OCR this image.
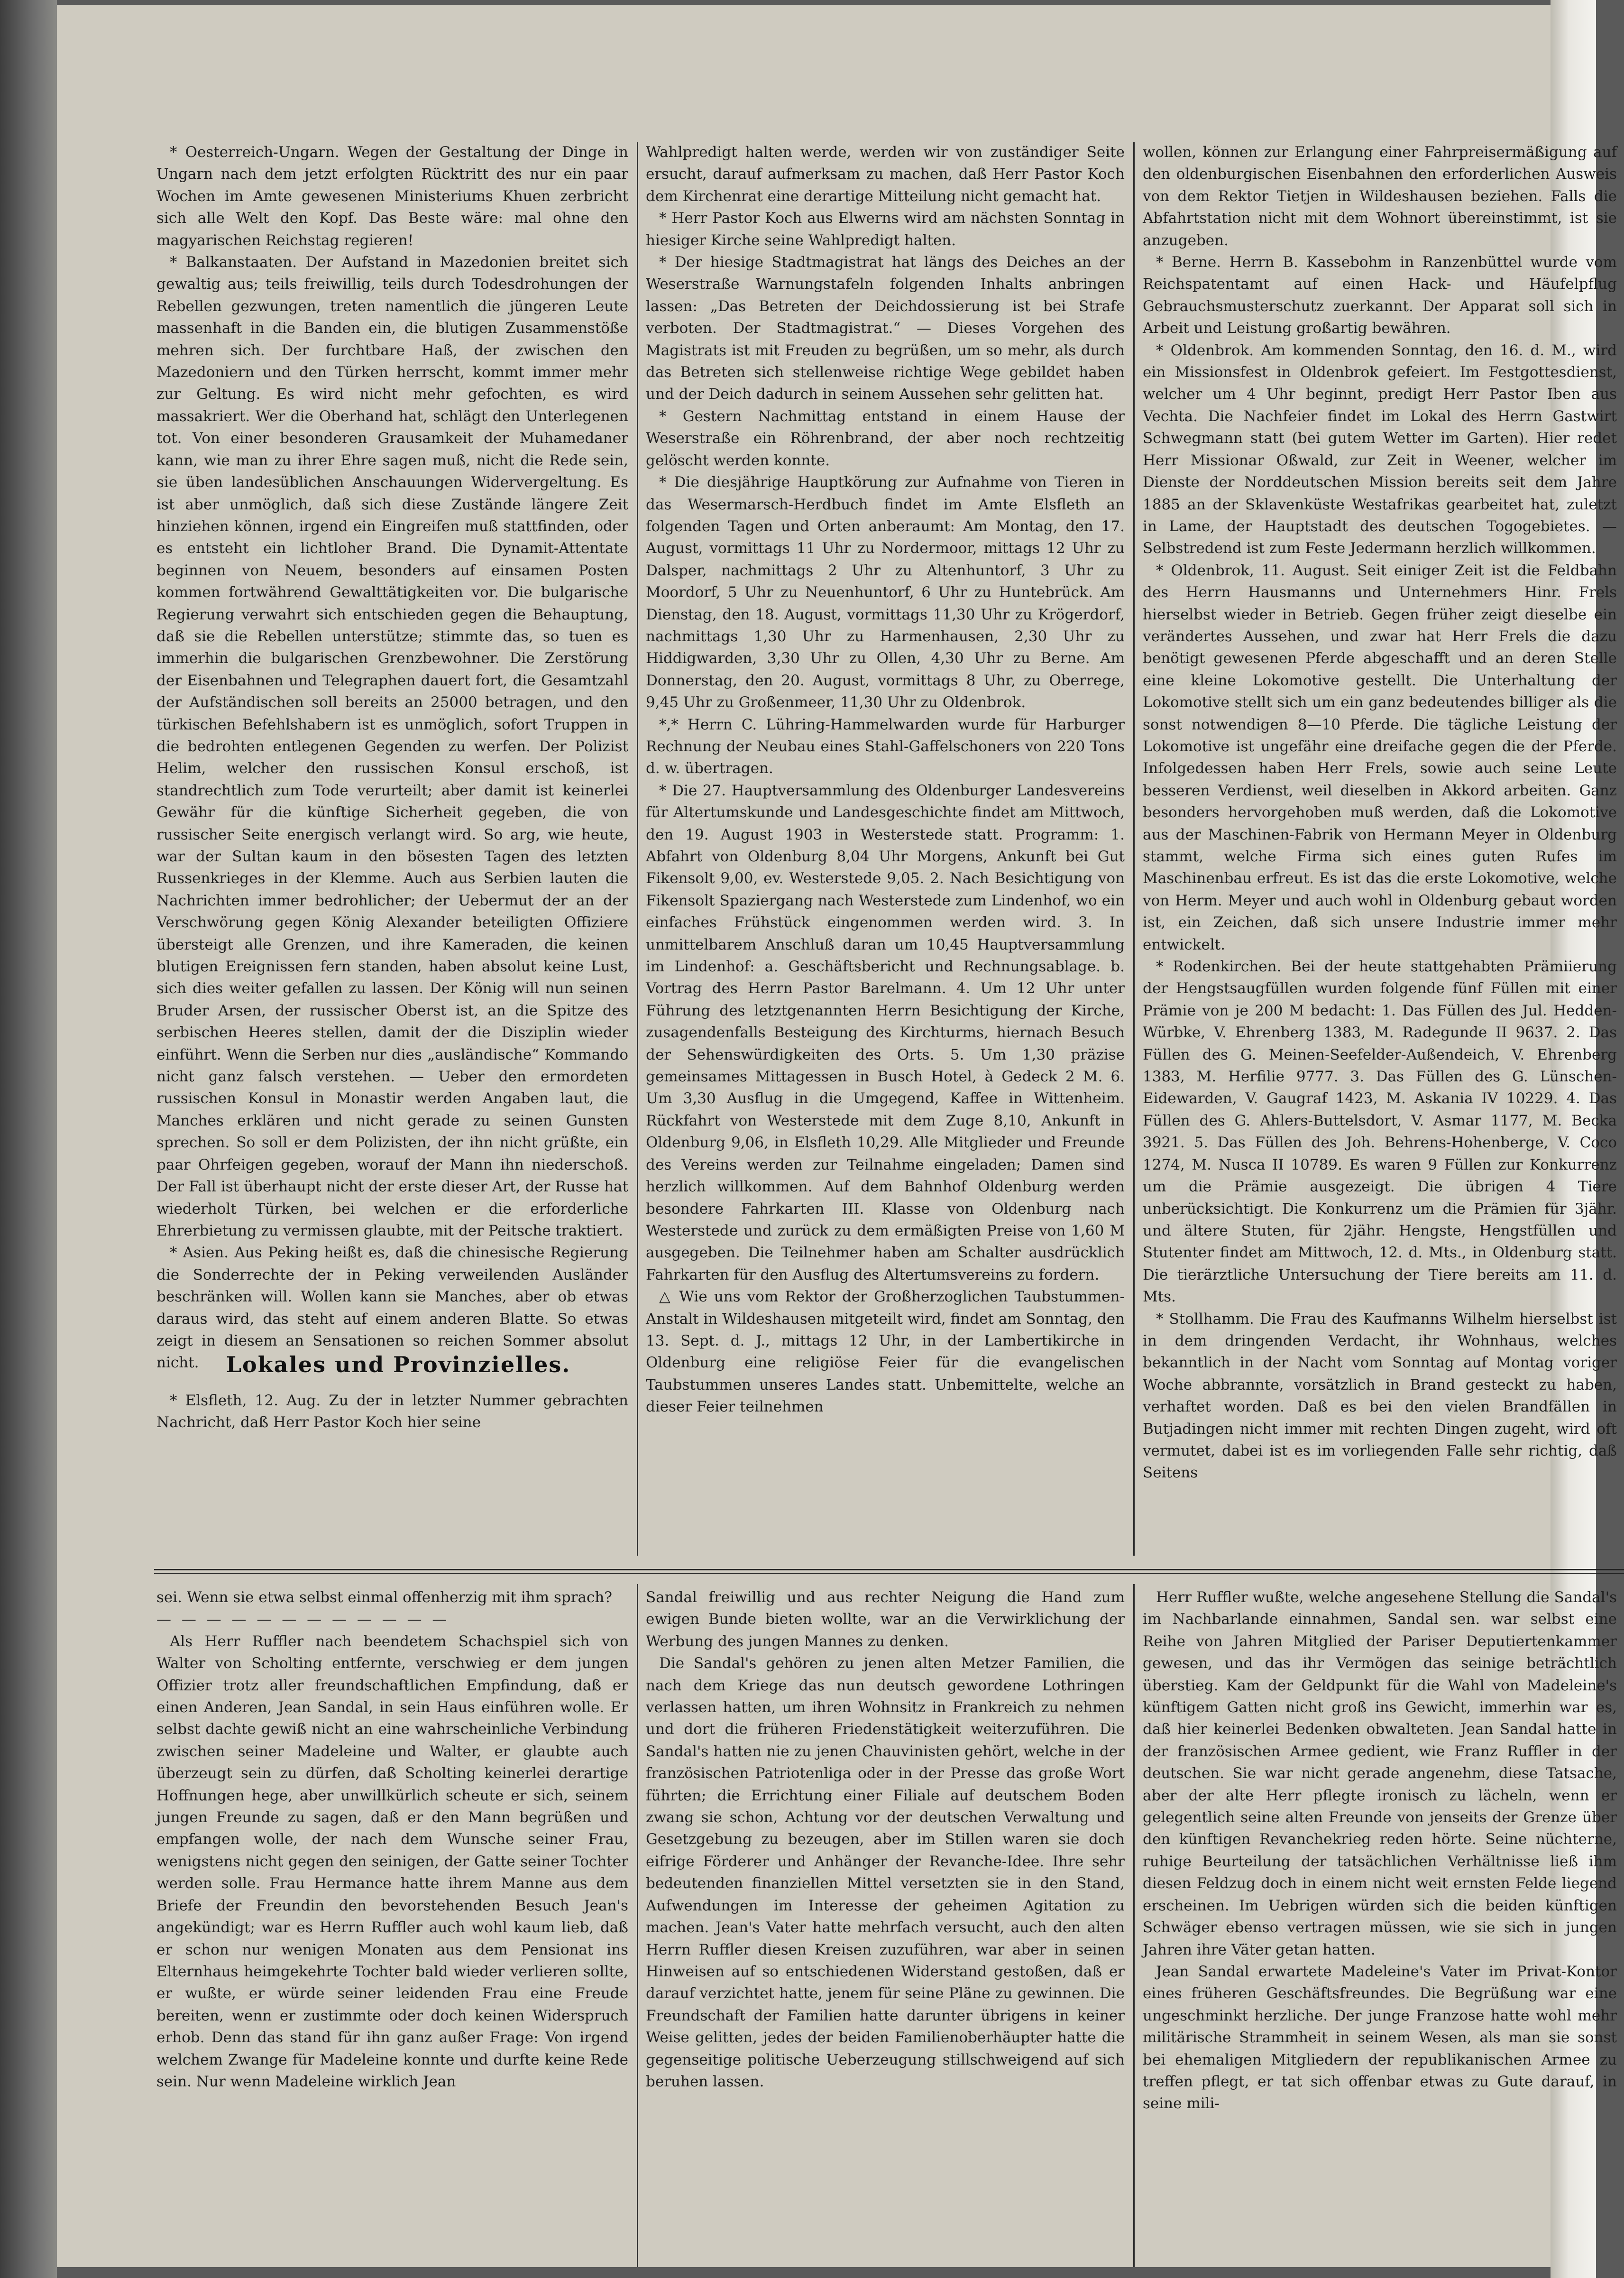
* Oesterreich-Ungarn. Wegen der Gestaltung der Dinge in Ungarn nach dem jetzt erfolgten Rücktritt des nur ein paar Wochen im Amte gewesenen Ministeriums Khuen zerbricht sich alle Welt den Kopf. Das Beste wäre: mal ohne den magyarischen Reichstag regieren!

* Balkanstaaten. Der Aufstand in Mazedonien breitet sich gewaltig aus; teils freiwillig, teils durch Todesdrohungen der Rebellen gezwungen, treten namentlich die jüngeren Leute massenhaft in die Banden ein, die blutigen Zusammenstöße mehren sich. Der furchtbare Haß, der zwischen den Mazedoniern und den Türken herrscht, kommt immer mehr zur Geltung. Es wird nicht mehr gefochten, es wird massakriert. Wer die Oberhand hat, schlägt den Unterlegenen tot. Von einer besonderen Grausamkeit der Muhamedaner kann, wie man zu ihrer Ehre sagen muß, nicht die Rede sein, sie üben landesüblichen Anschauungen Widervergeltung. Es ist aber unmöglich, daß sich diese Zustände längere Zeit hinziehen können, irgend ein Eingreifen muß stattfinden, oder es entsteht ein lichtloher Brand. Die Dynamit-Attentate beginnen von Neuem, besonders auf einsamen Posten kommen fortwährend Gewalttätigkeiten vor. Die bulgarische Regierung verwahrt sich entschieden gegen die Behauptung, daß sie die Rebellen unterstütze; stimmte das, so tuen es immerhin die bulgarischen Grenzbewohner. Die Zerstörung der Eisenbahnen und Telegraphen dauert fort, die Gesamtzahl der Aufständischen soll bereits an 25000 betragen, und den türkischen Befehlshabern ist es unmöglich, sofort Truppen in die bedrohten entlegenen Gegenden zu werfen. Der Polizist Helim, welcher den russischen Konsul erschoß, ist standrechtlich zum Tode verurteilt; aber damit ist keinerlei Gewähr für die künftige Sicherheit gegeben, die von russischer Seite energisch verlangt wird. So arg, wie heute, war der Sultan kaum in den bösesten Tagen des letzten Russenkrieges in der Klemme. Auch aus Serbien lauten die Nachrichten immer bedrohlicher; der Uebermut der an der Verschwörung gegen König Alexander beteiligten Offiziere übersteigt alle Grenzen, und ihre Kameraden, die keinen blutigen Ereignissen fern standen, haben absolut keine Lust, sich dies weiter gefallen zu lassen. Der König will nun seinen Bruder Arsen, der russischer Oberst ist, an die Spitze des serbischen Heeres stellen, damit der die Disziplin wieder einführt. Wenn die Serben nur dies „ausländische“ Kommando nicht ganz falsch verstehen. — Ueber den ermordeten russischen Konsul in Monastir werden Angaben laut, die Manches erklären und nicht gerade zu seinen Gunsten sprechen. So soll er dem Polizisten, der ihn nicht grüßte, ein paar Ohrfeigen gegeben, worauf der Mann ihn niederschoß. Der Fall ist überhaupt nicht der erste dieser Art, der Russe hat wiederholt Türken, bei welchen er die erforderliche Ehrerbietung zu vermissen glaubte, mit der Peitsche traktiert.

* Asien. Aus Peking heißt es, daß die chinesische Regierung die Sonderrechte der in Peking verweilenden Ausländer beschränken will. Wollen kann sie Manches, aber ob etwas daraus wird, das steht auf einem anderen Blatte. So etwas zeigt in diesem an Sensationen so reichen Sommer absolut nicht.	Lokales und Provinzielles.

* Elsfleth, 12. Aug. Zu der in letzter Nummer gebrachten Nachricht, daß Herr Pastor Koch hier seine

Wahlpredigt halten werde, werden wir von zuständiger Seite ersucht, darauf aufmerksam zu machen, daß Herr Pastor Koch dem Kirchenrat eine derartige Mitteilung nicht gemacht hat.

* Herr Pastor Koch aus Elwerns wird am nächsten Sonntag in hiesiger Kirche seine Wahlpredigt halten.

* Der hiesige Stadtmagistrat hat längs des Deiches an der Weserstraße Warnungstafeln folgenden Inhalts anbringen lassen: „Das Betreten der Deichdossierung ist bei Strafe verboten. Der Stadtmagistrat.“ — Dieses Vorgehen des Magistrats ist mit Freuden zu begrüßen, um so mehr, als durch das Betreten sich stellenweise richtige Wege gebildet haben und der Deich dadurch in seinem Aussehen sehr gelitten hat.

* Gestern Nachmittag entstand in einem Hause der Weserstraße ein Röhrenbrand, der aber noch rechtzeitig gelöscht werden konnte.

* Die diesjährige Hauptkörung zur Aufnahme von Tieren in das Wesermarsch-Herdbuch findet im Amte Elsfleth an folgenden Tagen und Orten anberaumt: Am Montag, den 17. August, vormittags 11 Uhr zu Nordermoor, mittags 12 Uhr zu Dalsper, nachmittags 2 Uhr zu Altenhuntorf, 3 Uhr zu Moordorf, 5 Uhr zu Neuenhuntorf, 6 Uhr zu Huntebrück. Am Dienstag, den 18. August, vormittags 11,30 Uhr zu Krögerdorf, nachmittags 1,30 Uhr zu Harmenhausen, 2,30 Uhr zu Hiddigwarden, 3,30 Uhr zu Ollen, 4,30 Uhr zu Berne. Am Donnerstag, den 20. August, vormittags 8 Uhr, zu Oberrege, 9,45 Uhr zu Großenmeer, 11,30 Uhr zu Oldenbrok.

*,* Herrn C. Lühring-Hammelwarden wurde für Harburger Rechnung der Neubau eines Stahl-Gaffelschoners von 220 Tons d. w. übertragen.

* Die 27. Hauptversammlung des Oldenburger Landesvereins für Altertumskunde und Landesgeschichte findet am Mittwoch, den 19. August 1903 in Westerstede statt. Programm: 1. Abfahrt von Oldenburg 8,04 Uhr Morgens, Ankunft bei Gut Fikensolt 9,00, ev. Westerstede 9,05. 2. Nach Besichtigung von Fikensolt Spaziergang nach Westerstede zum Lindenhof, wo ein einfaches Frühstück eingenommen werden wird. 3. In unmittelbarem Anschluß daran um 10,45 Hauptversammlung im Lindenhof: a. Geschäftsbericht und Rechnungsablage. b. Vortrag des Herrn Pastor Barelmann. 4. Um 12 Uhr unter Führung des letztgenannten Herrn Besichtigung der Kirche, zusagendenfalls Besteigung des Kirchturms, hiernach Besuch der Sehenswürdigkeiten des Orts. 5. Um 1,30 präzise gemeinsames Mittagessen in Busch Hotel, à Gedeck 2 M. 6. Um 3,30 Ausflug in die Umgegend, Kaffee in Wittenheim. Rückfahrt von Westerstede mit dem Zuge 8,10, Ankunft in Oldenburg 9,06, in Elsfleth 10,29. Alle Mitglieder und Freunde des Vereins werden zur Teilnahme eingeladen; Damen sind herzlich willkommen. Auf dem Bahnhof Oldenburg werden besondere Fahrkarten III. Klasse von Oldenburg nach Westerstede und zurück zu dem ermäßigten Preise von 1,60 M ausgegeben. Die Teilnehmer haben am Schalter ausdrücklich Fahrkarten für den Ausflug des Altertumsvereins zu fordern.

△ Wie uns vom Rektor der Großherzoglichen Taubstummen-Anstalt in Wildeshausen mitgeteilt wird, findet am Sonntag, den 13. Sept. d. J., mittags 12 Uhr, in der Lambertikirche in Oldenburg eine religiöse Feier für die evangelischen Taubstummen unseres Landes statt. Unbemittelte, welche an dieser Feier teilnehmen

wollen, können zur Erlangung einer Fahrpreisermäßigung auf den oldenburgischen Eisenbahnen den erforderlichen Ausweis von dem Rektor Tietjen in Wildeshausen beziehen. Falls die Abfahrtstation nicht mit dem Wohnort übereinstimmt, ist sie anzugeben.

* Berne. Herrn B. Kassebohm in Ranzenbüttel wurde vom Reichspatentamt auf einen Hack- und Häufelpflug Gebrauchsmusterschutz zuerkannt. Der Apparat soll sich in Arbeit und Leistung großartig bewähren.

* Oldenbrok. Am kommenden Sonntag, den 16. d. M., wird ein Missionsfest in Oldenbrok gefeiert. Im Festgottesdienst, welcher um 4 Uhr beginnt, predigt Herr Pastor Iben aus Vechta. Die Nachfeier findet im Lokal des Herrn Gastwirt Schwegmann statt (bei gutem Wetter im Garten). Hier redet Herr Missionar Oßwald, zur Zeit in Weener, welcher im Dienste der Norddeutschen Mission bereits seit dem Jahre 1885 an der Sklavenküste Westafrikas gearbeitet hat, zuletzt in Lame, der Hauptstadt des deutschen Togogebietes. — Selbstredend ist zum Feste Jedermann herzlich willkommen.

* Oldenbrok, 11. August. Seit einiger Zeit ist die Feldbahn des Herrn Hausmanns und Unternehmers Hinr. Frels hierselbst wieder in Betrieb. Gegen früher zeigt dieselbe ein verändertes Aussehen, und zwar hat Herr Frels die dazu benötigt gewesenen Pferde abgeschafft und an deren Stelle eine kleine Lokomotive gestellt. Die Unterhaltung der Lokomotive stellt sich um ein ganz bedeutendes billiger als die sonst notwendigen 8—10 Pferde. Die tägliche Leistung der Lokomotive ist ungefähr eine dreifache gegen die der Pferde. Infolgedessen haben Herr Frels, sowie auch seine Leute besseren Verdienst, weil dieselben in Akkord arbeiten. Ganz besonders hervorgehoben muß werden, daß die Lokomotive aus der Maschinen-Fabrik von Hermann Meyer in Oldenburg stammt, welche Firma sich eines guten Rufes im Maschinenbau erfreut. Es ist das die erste Lokomotive, welche von Herm. Meyer und auch wohl in Oldenburg gebaut worden ist, ein Zeichen, daß sich unsere Industrie immer mehr entwickelt.

* Rodenkirchen. Bei der heute stattgehabten Prämiierung der Hengstsaugfüllen wurden folgende fünf Füllen mit einer Prämie von je 200 M bedacht: 1. Das Füllen des Jul. Hedden-Würbke, V. Ehrenberg 1383, M. Radegunde II 9637. 2. Das Füllen des G. Meinen-Seefelder-Außendeich, V. Ehrenberg 1383, M. Herfilie 9777. 3. Das Füllen des G. Lünschen-Eidewarden, V. Gaugraf 1423, M. Askania IV 10229. 4. Das Füllen des G. Ahlers-Buttelsdort, V. Asmar 1177, M. Becka 3921. 5. Das Füllen des Joh. Behrens-Hohenberge, V. Coco 1274, M. Nusca II 10789. Es waren 9 Füllen zur Konkurrenz um die Prämie ausgezeigt. Die übrigen 4 Tiere unberücksichtigt. Die Konkurrenz um die Prämien für 3jähr. und ältere Stuten, für 2jähr. Hengste, Hengstfüllen und Stutenter findet am Mittwoch, 12. d. Mts., in Oldenburg statt. Die tierärztliche Untersuchung der Tiere bereits am 11. d. Mts.

* Stollhamm. Die Frau des Kaufmanns Wilhelm hierselbst ist in dem dringenden Verdacht, ihr Wohnhaus, welches bekanntlich in der Nacht vom Sonntag auf Montag voriger Woche abbrannte, vorsätzlich in Brand gesteckt zu haben, verhaftet worden. Daß es bei den vielen Brandfällen in Butjadingen nicht immer mit rechten Dingen zugeht, wird oft vermutet, dabei ist es im vorliegenden Falle sehr richtig, daß Seitens

sei. Wenn sie etwa selbst einmal offenherzig mit ihm sprach?

— — — — — — — — — — — —

Als Herr Ruffler nach beendetem Schachspiel sich von Walter von Scholting entfernte, verschwieg er dem jungen Offizier trotz aller freundschaftlichen Empfindung, daß er einen Anderen, Jean Sandal, in sein Haus einführen wolle. Er selbst dachte gewiß nicht an eine wahrscheinliche Verbindung zwischen seiner Madeleine und Walter, er glaubte auch überzeugt sein zu dürfen, daß Scholting keinerlei derartige Hoffnungen hege, aber unwillkürlich scheute er sich, seinem jungen Freunde zu sagen, daß er den Mann begrüßen und empfangen wolle, der nach dem Wunsche seiner Frau, wenigstens nicht gegen den seinigen, der Gatte seiner Tochter werden solle. Frau Hermance hatte ihrem Manne aus dem Briefe der Freundin den bevorstehenden Besuch Jean's angekündigt; war es Herrn Ruffler auch wohl kaum lieb, daß er schon nur wenigen Monaten aus dem Pensionat ins Elternhaus heimgekehrte Tochter bald wieder verlieren sollte, er wußte, er würde seiner leidenden Frau eine Freude bereiten, wenn er zustimmte oder doch keinen Widerspruch erhob. Denn das stand für ihn ganz außer Frage: Von irgend welchem Zwange für Madeleine konnte und durfte keine Rede sein. Nur wenn Madeleine wirklich Jean

Sandal freiwillig und aus rechter Neigung die Hand zum ewigen Bunde bieten wollte, war an die Verwirklichung der Werbung des jungen Mannes zu denken.

Die Sandal's gehören zu jenen alten Metzer Familien, die nach dem Kriege das nun deutsch gewordene Lothringen verlassen hatten, um ihren Wohnsitz in Frankreich zu nehmen und dort die früheren Friedenstätigkeit weiterzuführen. Die Sandal's hatten nie zu jenen Chauvinisten gehört, welche in der französischen Patriotenliga oder in der Presse das große Wort führten; die Errichtung einer Filiale auf deutschem Boden zwang sie schon, Achtung vor der deutschen Verwaltung und Gesetzgebung zu bezeugen, aber im Stillen waren sie doch eifrige Förderer und Anhänger der Revanche-Idee. Ihre sehr bedeutenden finanziellen Mittel versetzten sie in den Stand, Aufwendungen im Interesse der geheimen Agitation zu machen. Jean's Vater hatte mehrfach versucht, auch den alten Herrn Ruffler diesen Kreisen zuzuführen, war aber in seinen Hinweisen auf so entschiedenen Widerstand gestoßen, daß er darauf verzichtet hatte, jenem für seine Pläne zu gewinnen. Die Freundschaft der Familien hatte darunter übrigens in keiner Weise gelitten, jedes der beiden Familienoberhäupter hatte die gegenseitige politische Ueberzeugung stillschweigend auf sich beruhen lassen.

Herr Ruffler wußte, welche angesehene Stellung die Sandal's im Nachbarlande einnahmen, Sandal sen. war selbst eine Reihe von Jahren Mitglied der Pariser Deputiertenkammer gewesen, und das ihr Vermögen das seinige beträchtlich überstieg. Kam der Geldpunkt für die Wahl von Madeleine's künftigem Gatten nicht groß ins Gewicht, immerhin war es, daß hier keinerlei Bedenken obwalteten. Jean Sandal hatte in der französischen Armee gedient, wie Franz Ruffler in der deutschen. Sie war nicht gerade angenehm, diese Tatsache, aber der alte Herr pflegte ironisch zu lächeln, wenn er gelegentlich seine alten Freunde von jenseits der Grenze über den künftigen Revanchekrieg reden hörte. Seine nüchterne, ruhige Beurteilung der tatsächlichen Verhältnisse ließ ihm diesen Feldzug doch in einem nicht weit ernsten Felde liegend erscheinen. Im Uebrigen würden sich die beiden künftigen Schwäger ebenso vertragen müssen, wie sie sich in jungen Jahren ihre Väter getan hatten.

Jean Sandal erwartete Madeleine's Vater im Privat-Kontor eines früheren Geschäftsfreundes. Die Begrüßung war eine ungeschminkt herzliche. Der junge Franzose hatte wohl mehr militärische Strammheit in seinem Wesen, als man sie sonst bei ehemaligen Mitgliedern der republikanischen Armee zu treffen pflegt, er tat sich offenbar etwas zu Gute darauf, in seine mili-
